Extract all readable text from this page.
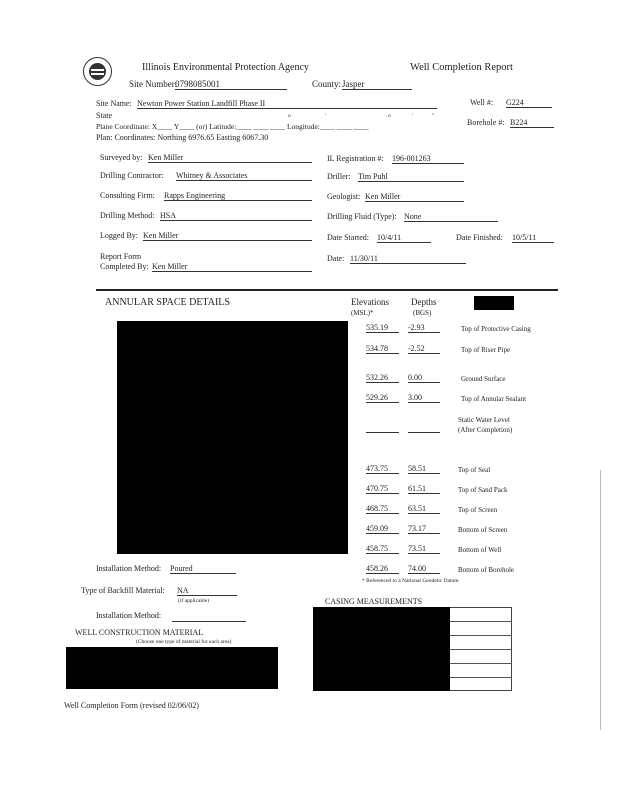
Illinois Environmental Protection Agency	Well Completion Report
Site Number:
0798085001	County: Jasper
Site Name: Newton Power Station Landfill Phase II	Well #: G224
State	o	'	o	'	"
Plane Coordinate: X____ Y____ (or) Latitude:____ ____ ____ Longitude:____ ____ ____	Borehole #: B224
Plan: Coordinates: Northing 6976.65 Easting 6067.30
Surveyed by: Ken Miller	IL Registration #: 196-001263
Drilling Contractor: Whitney & Associates	Driller: Tim Puhl
Consulting Firm: Rapps Engineering	Geologist: Ken Miller
Drilling Method: HSA	Drilling Fluid (Type): None
Logged By: Ken Miller	Date Started: 10/4/11	Date Finished: 10/5/11
Report Form
Completed By: Ken Miller
Date: 11/30/11
ANNULAR SPACE DETAILS	Elevations
(MSL)*
Depths
(BGS)
535.19	-2.93	Top of Protective Casing
534.78	-2.52	Top of Riser Pipe
532.26	0.00	Ground Surface
529.26	3.00	Top of Annular Sealant
Static Water Level
(After Completion)
473.75	58.51	Top of Seal
470.75	61.51	Top of Sand Pack
468.75	63.51	Top of Screen
459.09	73.17	Bottom of Screen
458.75	73.51	Bottom of Well
458.26	74.00	Bottom of Borehole
* Referenced to a National Geodetic Datum
Installation Method: Poured
Type of Backfill Material: NA
(if applicable)
Installation Method:
CASING MEASUREMENTS
WELL CONSTRUCTION MATERIAL
(Choose one type of material for each area)
Well Completion Form (revised 02/06/02)
